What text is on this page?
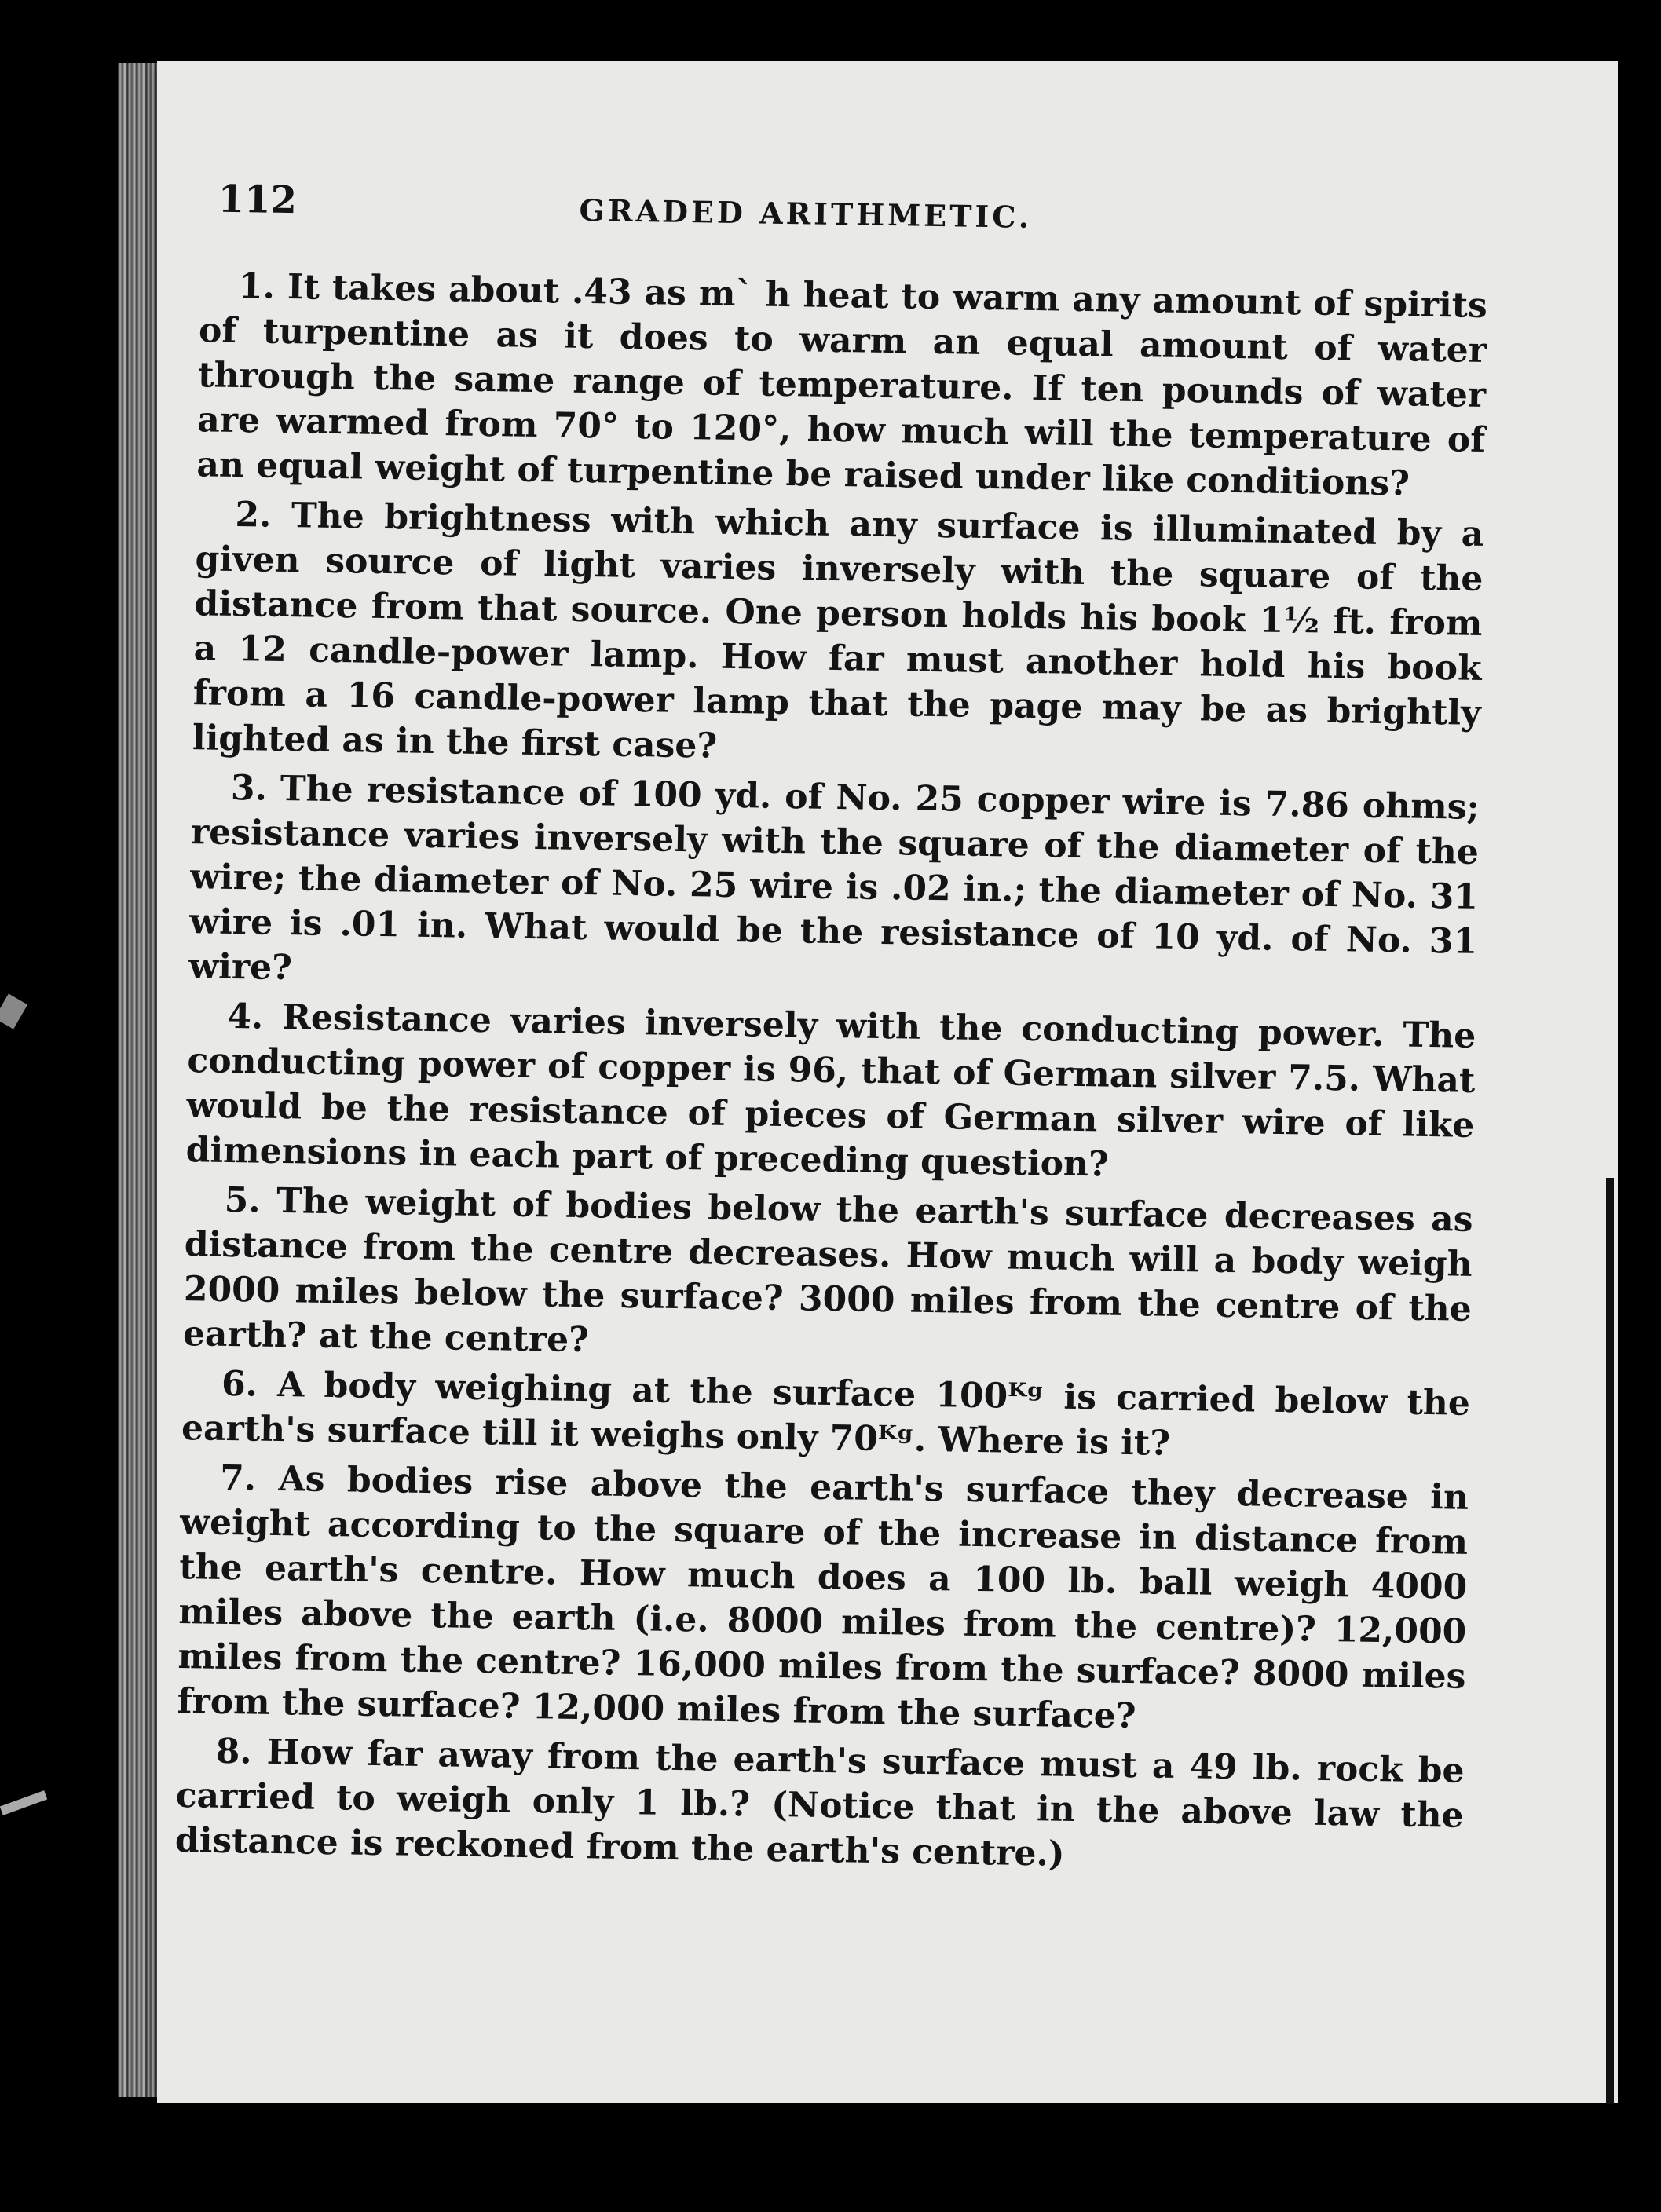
112	GRADED ARITHMETIC.

1. It takes about .43 as m` h heat to warm any amount of spirits of turpentine as it does to warm an equal amount of water through the same range of temperature. If ten pounds of water are warmed from 70° to 120°, how much will the temperature of an equal weight of turpentine be raised under like conditions?

2. The brightness with which any surface is illuminated by a given source of light varies inversely with the square of the distance from that source. One person holds his book 1½ ft. from a 12 candle-power lamp. How far must another hold his book from a 16 candle-power lamp that the page may be as brightly lighted as in the first case?

3. The resistance of 100 yd. of No. 25 copper wire is 7.86 ohms; resistance varies inversely with the square of the diameter of the wire; the diameter of No. 25 wire is .02 in.; the diameter of No. 31 wire is .01 in. What would be the resistance of 10 yd. of No. 31 wire?

4. Resistance varies inversely with the conducting power. The conducting power of copper is 96, that of German silver 7.5. What would be the resistance of pieces of German silver wire of like dimensions in each part of preceding question?

5. The weight of bodies below the earth's surface decreases as distance from the centre decreases. How much will a body weigh 2000 miles below the surface? 3000 miles from the centre of the earth? at the centre?

6. A body weighing at the surface 100ᴷᵍ is carried below the earth's surface till it weighs only 70ᴷᵍ. Where is it?

7. As bodies rise above the earth's surface they decrease in weight according to the square of the increase in distance from the earth's centre. How much does a 100 lb. ball weigh 4000 miles above the earth (i.e. 8000 miles from the centre)? 12,000 miles from the centre? 16,000 miles from the surface? 8000 miles from the surface? 12,000 miles from the surface?

8. How far away from the earth's surface must a 49 lb. rock be carried to weigh only 1 lb.? (Notice that in the above law the distance is reckoned from the earth's centre.)
